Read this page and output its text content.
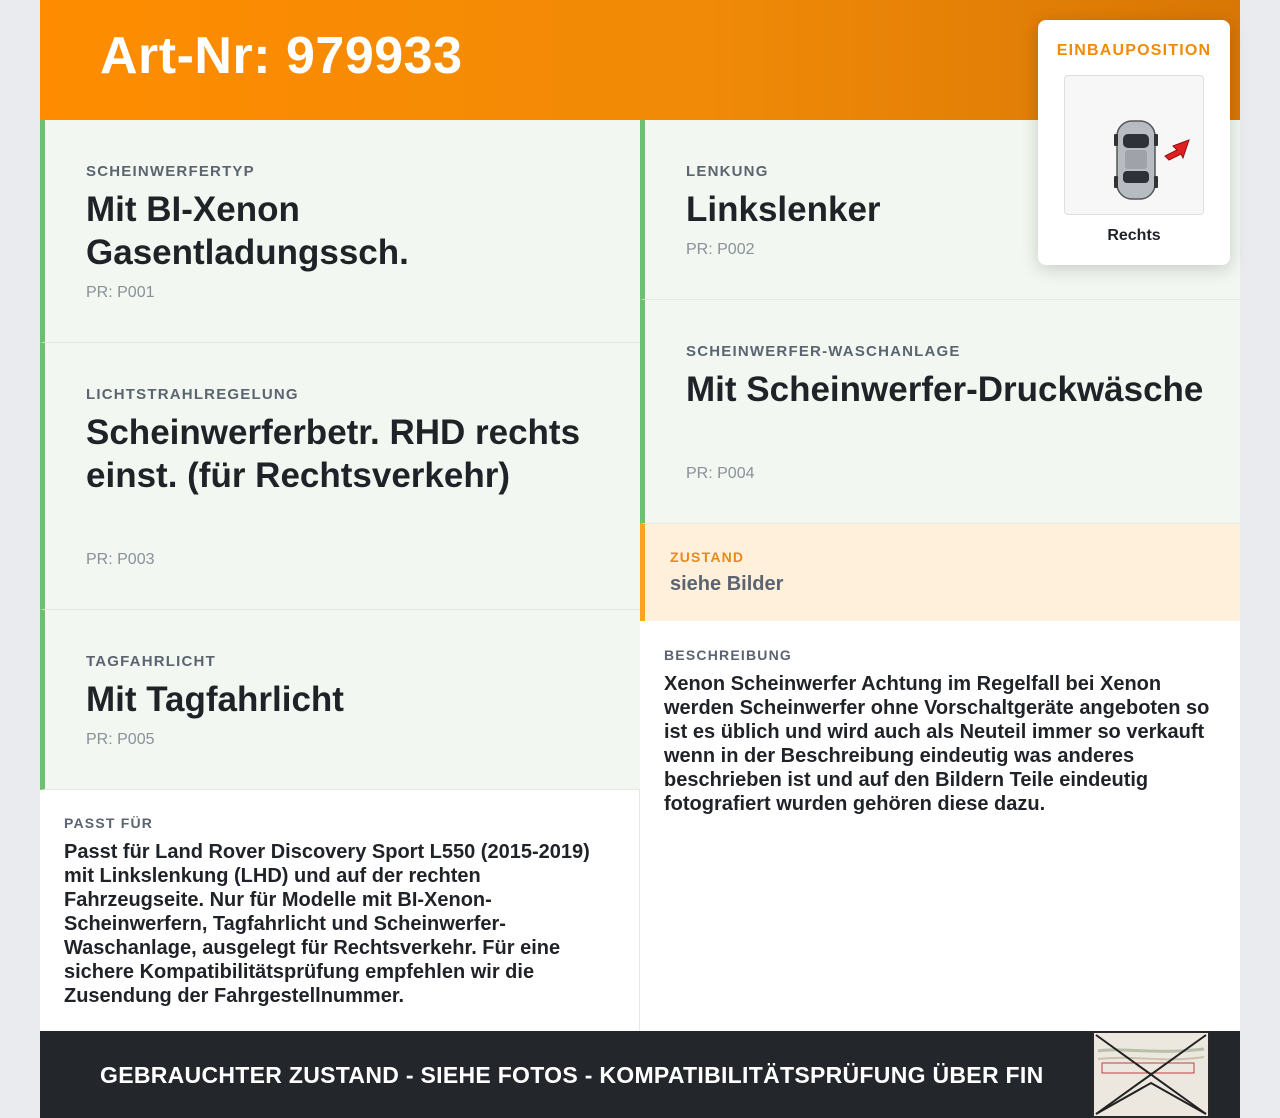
Art-Nr: 979933
SCHEINWERFERTYP
Mit BI-Xenon Gasentladungssch.
PR: P001
LICHTSTRAHLREGELUNG
Scheinwerferbetr. RHD rechts einst. (für Rechtsverkehr)
PR: P003
TAGFAHRLICHT
Mit Tagfahrlicht
PR: P005
LENKUNG
Linkslenker
PR: P002
SCHEINWERFER-WASCHANLAGE
Mit Scheinwerfer-Druckwäsche
PR: P004
ZUSTAND
siehe Bilder
BESCHREIBUNG
Xenon Scheinwerfer Achtung im Regelfall bei Xenon werden Scheinwerfer ohne Vorschaltgeräte angeboten so ist es üblich und wird auch als Neuteil immer so verkauft wenn in der Beschreibung eindeutig was anderes beschrieben ist und auf den Bildern Teile eindeutig fotografiert wurden gehören diese dazu.
PASST FÜR
Passt für Land Rover Discovery Sport L550 (2015-2019) mit Linkslenkung (LHD) und auf der rechten Fahrzeugseite. Nur für Modelle mit BI-Xenon-Scheinwerfern, Tagfahrlicht und Scheinwerfer-Waschanlage, ausgelegt für Rechtsverkehr. Für eine sichere Kompatibilitätsprüfung empfehlen wir die Zusendung der Fahrgestellnummer.
GEBRAUCHTER ZUSTAND - SIEHE FOTOS - KOMPATIBILITÄTSPRÜFUNG ÜBER FIN
EINBAUPOSITION
Rechts
